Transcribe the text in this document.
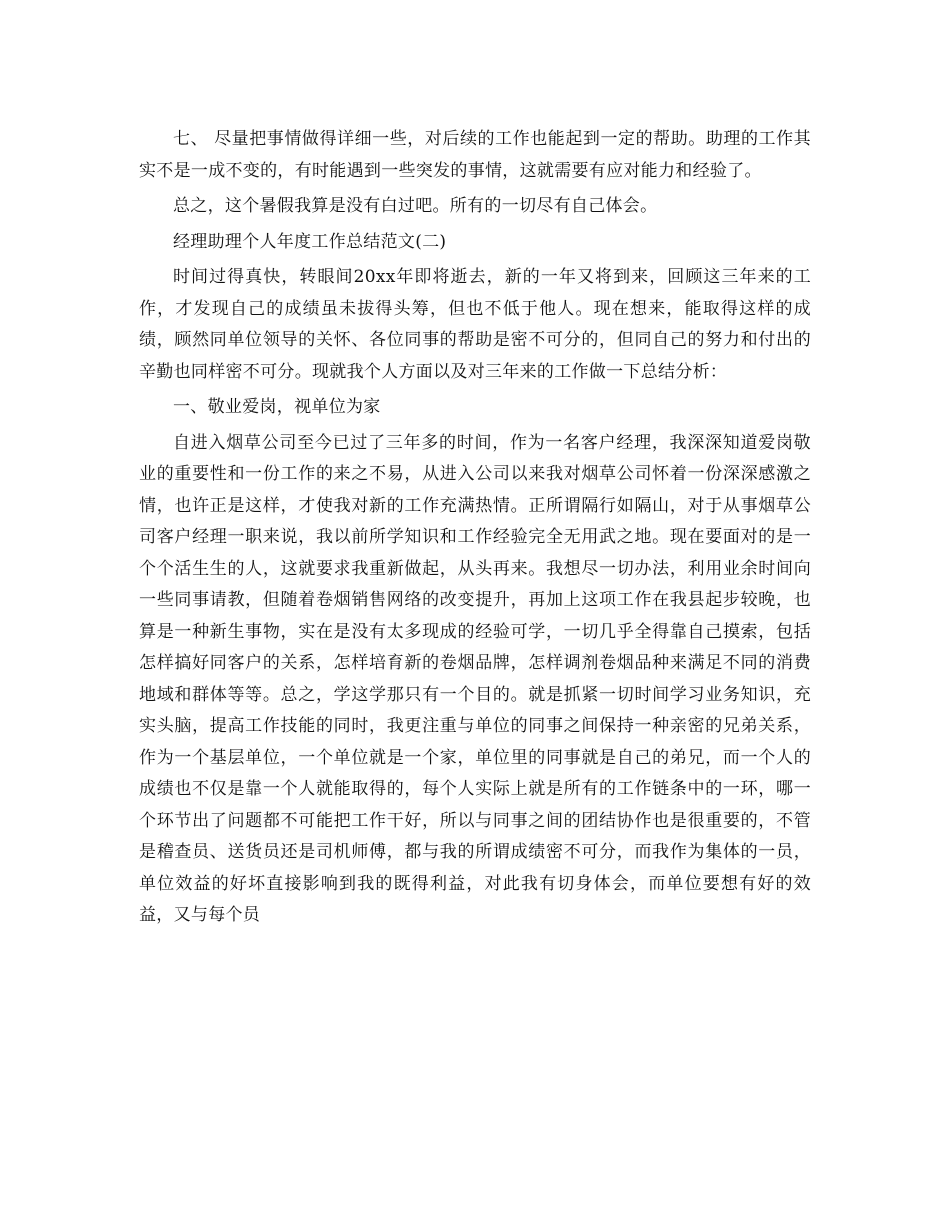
七、 尽量把事情做得详细一些，对后续的工作也能起到一定的帮助。助理的工作其实不是一成不变的，有时能遇到一些突发的事情，这就需要有应对能力和经验了。

总之，这个暑假我算是没有白过吧。所有的一切尽有自己体会。

经理助理个人年度工作总结范文(二)

时间过得真快，转眼间20xx年即将逝去，新的一年又将到来，回顾这三年来的工作，才发现自己的成绩虽未拔得头筹，但也不低于他人。现在想来，能取得这样的成绩，顾然同单位领导的关怀、各位同事的帮助是密不可分的，但同自己的努力和付出的辛勤也同样密不可分。现就我个人方面以及对三年来的工作做一下总结分析：

一、敬业爱岗，视单位为家

自进入烟草公司至今已过了三年多的时间，作为一名客户经理，我深深知道爱岗敬业的重要性和一份工作的来之不易，从进入公司以来我对烟草公司怀着一份深深感激之情，也许正是这样，才使我对新的工作充满热情。正所谓隔行如隔山，对于从事烟草公司客户经理一职来说，我以前所学知识和工作经验完全无用武之地。现在要面对的是一个个活生生的人，这就要求我重新做起，从头再来。我想尽一切办法，利用业余时间向一些同事请教，但随着卷烟销售网络的改变提升，再加上这项工作在我县起步较晚，也算是一种新生事物，实在是没有太多现成的经验可学，一切几乎全得靠自己摸索，包括怎样搞好同客户的关系，怎样培育新的卷烟品牌，怎样调剂卷烟品种来满足不同的消费地域和群体等等。总之，学这学那只有一个目的。就是抓紧一切时间学习业务知识，充实头脑，提高工作技能的同时，我更注重与单位的同事之间保持一种亲密的兄弟关系，作为一个基层单位，一个单位就是一个家，单位里的同事就是自己的弟兄，而一个人的成绩也不仅是靠一个人就能取得的，每个人实际上就是所有的工作链条中的一环，哪一个环节出了问题都不可能把工作干好，所以与同事之间的团结协作也是很重要的，不管是稽查员、送货员还是司机师傅，都与我的所谓成绩密不可分，而我作为集体的一员，单位效益的好坏直接影响到我的既得利益，对此我有切身体会，而单位要想有好的效益，又与每个员
